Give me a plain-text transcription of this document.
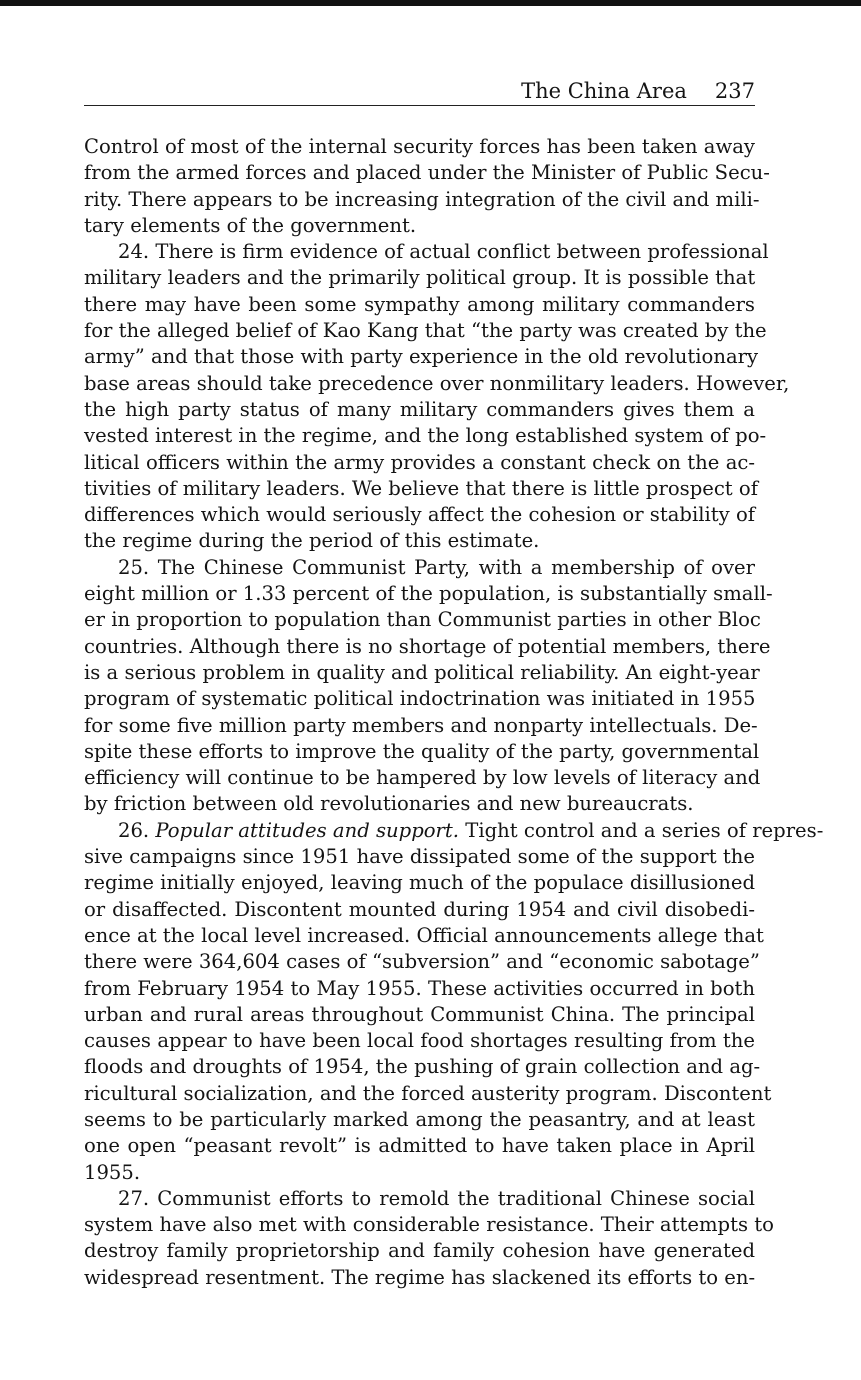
The China Area 237
Control of most of the internal security forces has been taken away
from the armed forces and placed under the Minister of Public Secu-
rity. There appears to be increasing integration of the civil and mili-
tary elements of the government.
24. There is firm evidence of actual conflict between professional
military leaders and the primarily political group. It is possible that
there may have been some sympathy among military commanders
for the alleged belief of Kao Kang that “the party was created by the
army” and that those with party experience in the old revolutionary
base areas should take precedence over nonmilitary leaders. However,
the high party status of many military commanders gives them a
vested interest in the regime, and the long established system of po-
litical officers within the army provides a constant check on the ac-
tivities of military leaders. We believe that there is little prospect of
differences which would seriously affect the cohesion or stability of
the regime during the period of this estimate.
25. The Chinese Communist Party, with a membership of over
eight million or 1.33 percent of the population, is substantially small-
er in proportion to population than Communist parties in other Bloc
countries. Although there is no shortage of potential members, there
is a serious problem in quality and political reliability. An eight-year
program of systematic political indoctrination was initiated in 1955
for some five million party members and nonparty intellectuals. De-
spite these efforts to improve the quality of the party, governmental
efficiency will continue to be hampered by low levels of literacy and
by friction between old revolutionaries and new bureaucrats.
26. Popular attitudes and support. Tight control and a series of repres-
sive campaigns since 1951 have dissipated some of the support the
regime initially enjoyed, leaving much of the populace disillusioned
or disaffected. Discontent mounted during 1954 and civil disobedi-
ence at the local level increased. Official announcements allege that
there were 364,604 cases of “subversion” and “economic sabotage”
from February 1954 to May 1955. These activities occurred in both
urban and rural areas throughout Communist China. The principal
causes appear to have been local food shortages resulting from the
floods and droughts of 1954, the pushing of grain collection and ag-
ricultural socialization, and the forced austerity program. Discontent
seems to be particularly marked among the peasantry, and at least
one open “peasant revolt” is admitted to have taken place in April
1955.
27. Communist efforts to remold the traditional Chinese social
system have also met with considerable resistance. Their attempts to
destroy family proprietorship and family cohesion have generated
widespread resentment. The regime has slackened its efforts to en-
